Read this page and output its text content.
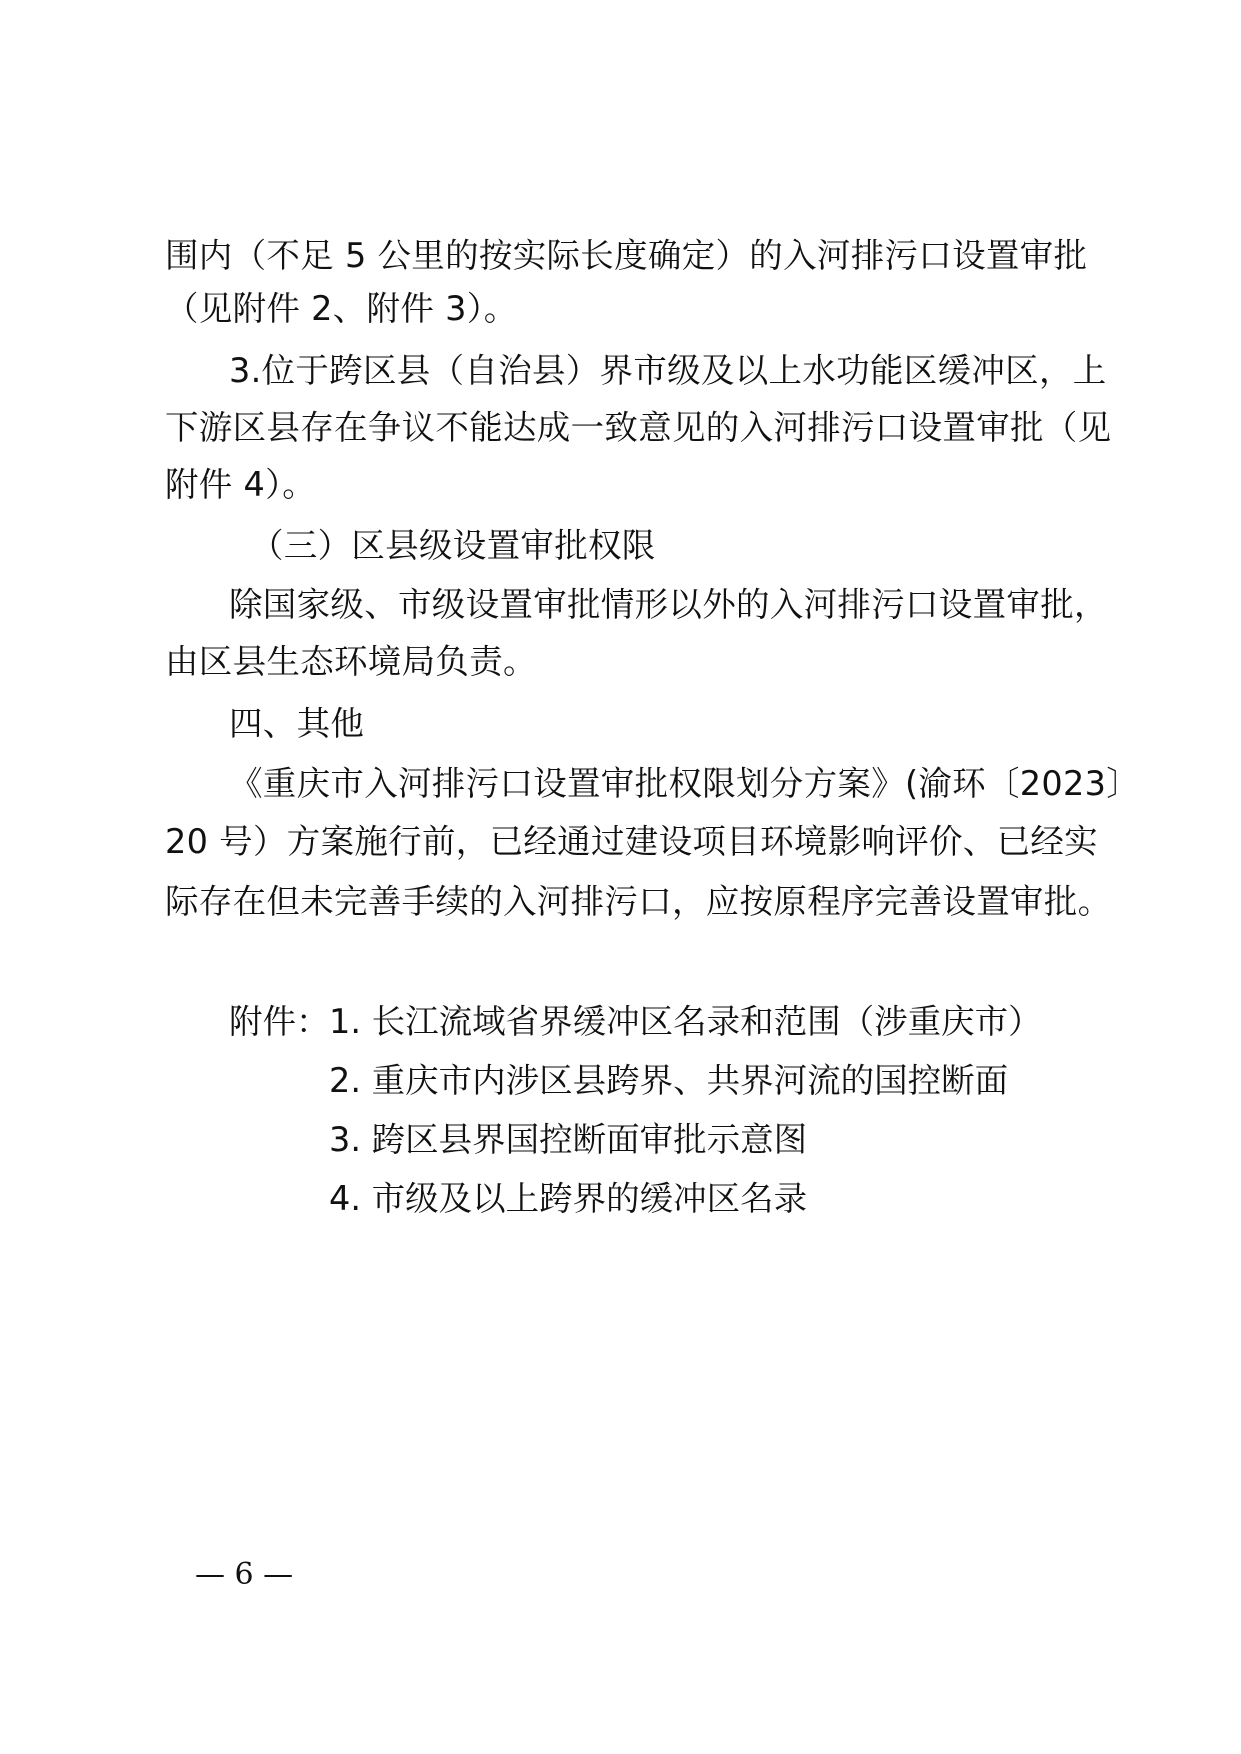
围内（不足 5 公里的按实际长度确定）的入河排污口设置审批

（见附件 2、附件 3）。

3.位于跨区县（自治县）界市级及以上水功能区缓冲区，上

下游区县存在争议不能达成一致意见的入河排污口设置审批（见

附件 4）。

（三）区县级设置审批权限

除国家级、市级设置审批情形以外的入河排污口设置审批，

由区县生态环境局负责。

四、其他

《重庆市入河排污口设置审批权限划分方案》(渝环〔2023〕

20 号）方案施行前，已经通过建设项目环境影响评价、已经实

际存在但未完善手续的入河排污口，应按原程序完善设置审批。

附件： 1. 长江流域省界缓冲区名录和范围（涉重庆市）
2. 重庆市内涉区县跨界、共界河流的国控断面
3. 跨区县界国控断面审批示意图
4. 市级及以上跨界的缓冲区名录
— 6 —
